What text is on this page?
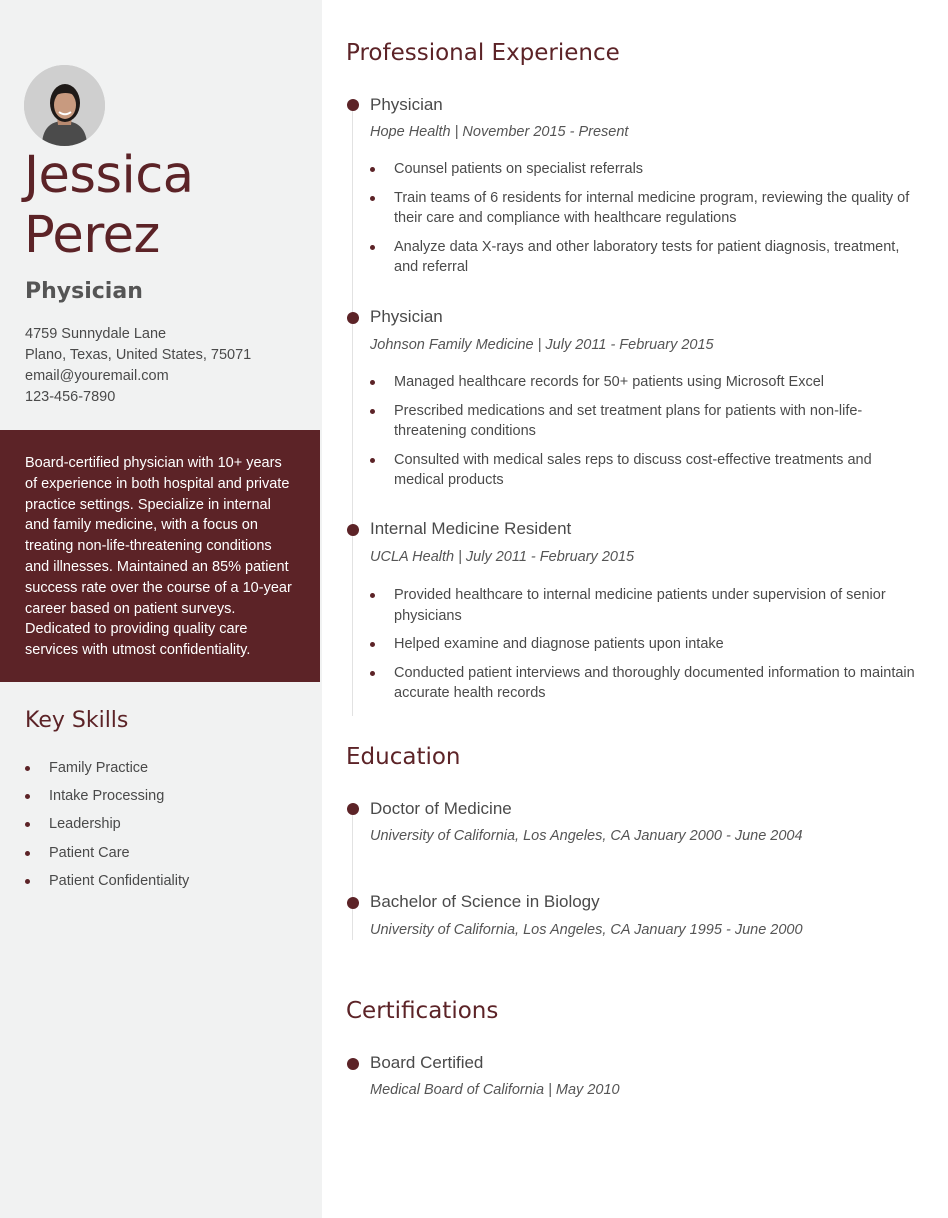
Jessica
Perez
Physician
4759 Sunnydale Lane
Plano, Texas, United States, 75071
email@youremail.com
123-456-7890

Board-certified physician with 10+ years of experience in both hospital and private practice settings. Specialize in internal and family medicine, with a focus on treating non-life-threatening conditions and illnesses. Maintained an 85% patient success rate over the course of a 10-year career based on patient surveys. Dedicated to providing quality care services with utmost confidentiality.

Key Skills
Family Practice
Intake Processing
Leadership
Patient Care
Patient Confidentiality
Professional Experience
Physician
Hope Health | November 2015 - Present
Counsel patients on specialist referrals
Train teams of 6 residents for internal medicine program, reviewing the quality of their care and compliance with healthcare regulations
Analyze data X-rays and other laboratory tests for patient diagnosis, treatment, and referral
Physician
Johnson Family Medicine | July 2011 - February 2015
Managed healthcare records for 50+ patients using Microsoft Excel
Prescribed medications and set treatment plans for patients with non-life-threatening conditions
Consulted with medical sales reps to discuss cost-effective treatments and medical products
Internal Medicine Resident
UCLA Health | July 2011 - February 2015
Provided healthcare to internal medicine patients under supervision of senior physicians
Helped examine and diagnose patients upon intake
Conducted patient interviews and thoroughly documented information to maintain accurate health records
Education
Doctor of Medicine
University of California, Los Angeles, CA January 2000 - June 2004
Bachelor of Science in Biology
University of California, Los Angeles, CA January 1995 - June 2000
Certifications
Board Certified
Medical Board of California | May 2010
